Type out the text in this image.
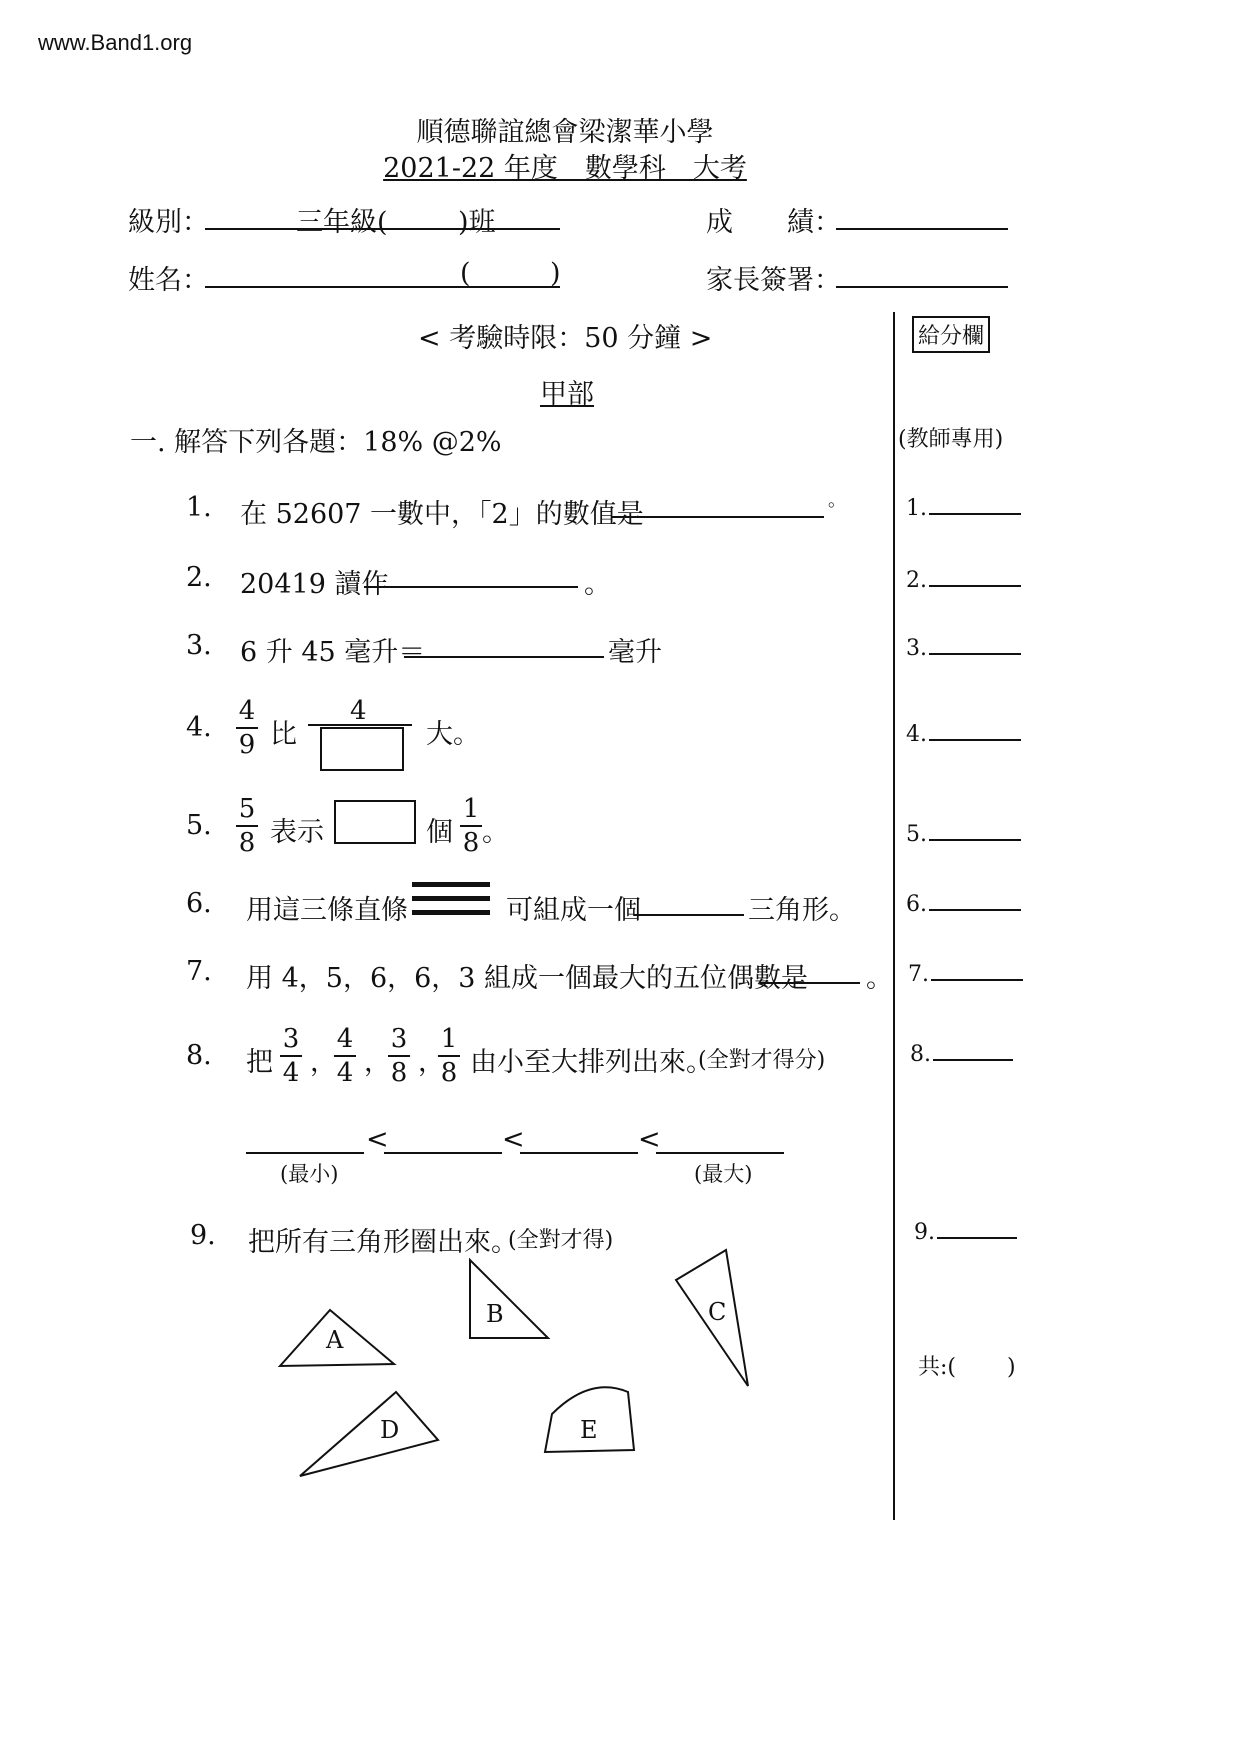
www.Band1.org
順德聯誼總會梁潔華小學
2021-22 年度　數學科　大考
級別：	三年級(	)班	成　　績：
姓名：	(	)	家長簽署：
< 考驗時限：50 分鐘 >	給分欄
甲部
一. 解答下列各題：18% @2%	(教師專用)
1. 在 52607 一數中，「2」的數值是	。
2. 20419 讀作	。
3. 6 升 45 毫升＝	毫升
4.
4
9 比
4
大。
5.
5
8 表示	個
1
8 。
6. 用這三條直條	可組成一個	三角形。
7. 用 4，5，6，6，3 組成一個最大的五位偶數是 。
8. 把
3
4 ，
4
4 ，
3
8 ，
1
8 由小至大排列出來。
(全對才得分)
<	<	<
(最小)	(最大)
9. 把所有三角形圈出來。
(全對才得)
A
B	C
D	E
1.
2.
3.
4.
5.
6.
7.
8.
9.
共:(　　 )
